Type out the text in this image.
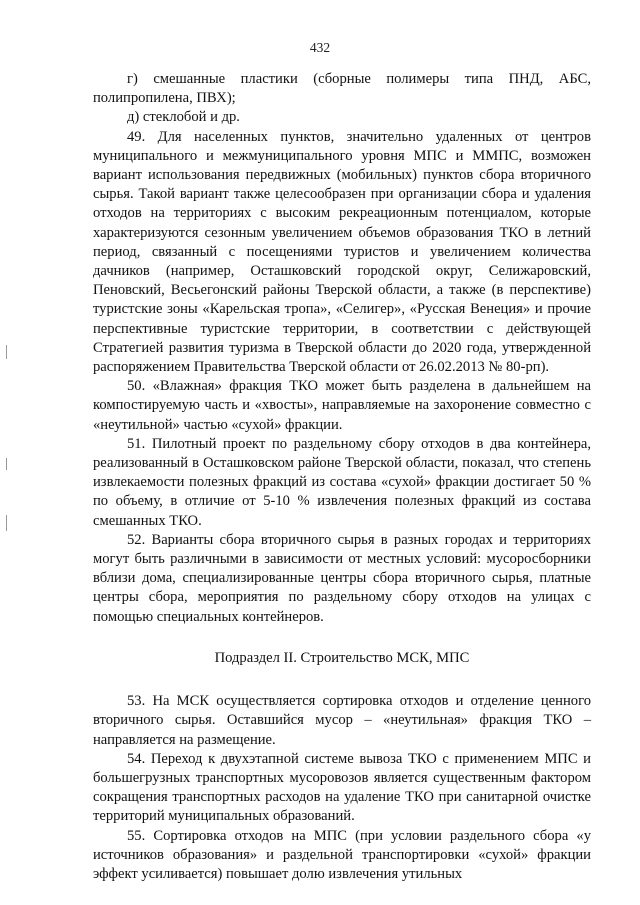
432

г) смешанные пластики (сборные полимеры типа ПНД, АБС, полипропилена, ПВХ);

д) стеклобой и др.

49. Для населенных пунктов, значительно удаленных от центров муниципального и межмуниципального уровня МПС и ММПС, возможен вариант использования передвижных (мобильных) пунктов сбора вторичного сырья. Такой вариант также целесообразен при организации сбора и удаления отходов на территориях с высоким рекреационным потенциалом, которые характеризуются сезонным увеличением объемов образования ТКО в летний период, связанный с посещениями туристов и увеличением количества дачников (например, Осташковский городской округ, Селижаровский, Пеновский, Весьегонский районы Тверской области, а также (в перспективе) туристские зоны «Карельская тропа», «Селигер», «Русская Венеция» и прочие перспективные туристские территории, в соответствии с действующей Стратегией развития туризма в Тверской области до 2020 года, утвержденной распоряжением Правительства Тверской области от 26.02.2013 № 80-рп).

50. «Влажная» фракция ТКО может быть разделена в дальнейшем на компостируемую часть и «хвосты», направляемые на захоронение совместно с «неутильной» частью «сухой» фракции.

51. Пилотный проект по раздельному сбору отходов в два контейнера, реализованный в Осташковском районе Тверской области, показал, что степень извлекаемости полезных фракций из состава «сухой» фракции достигает 50 % по объему, в отличие от 5-10 % извлечения полезных фракций из состава смешанных ТКО.

52. Варианты сбора вторичного сырья в разных городах и территориях могут быть различными в зависимости от местных условий: мусоросборники вблизи дома, специализированные центры сбора вторичного сырья, платные центры сбора, мероприятия по раздельному сбору отходов на улицах с помощью специальных контейнеров.

Подраздел II. Строительство МСК, МПС

53. На МСК осуществляется сортировка отходов и отделение ценного вторичного сырья. Оставшийся мусор – «неутильная» фракция ТКО – направляется на размещение.

54. Переход к двухэтапной системе вывоза ТКО с применением МПС и большегрузных транспортных мусоровозов является существенным фактором сокращения транспортных расходов на удаление ТКО при санитарной очистке территорий муниципальных образований.

55. Сортировка отходов на МПС (при условии раздельного сбора «у источников образования» и раздельной транспортировки «сухой» фракции эффект усиливается) повышает долю извлечения утильных
